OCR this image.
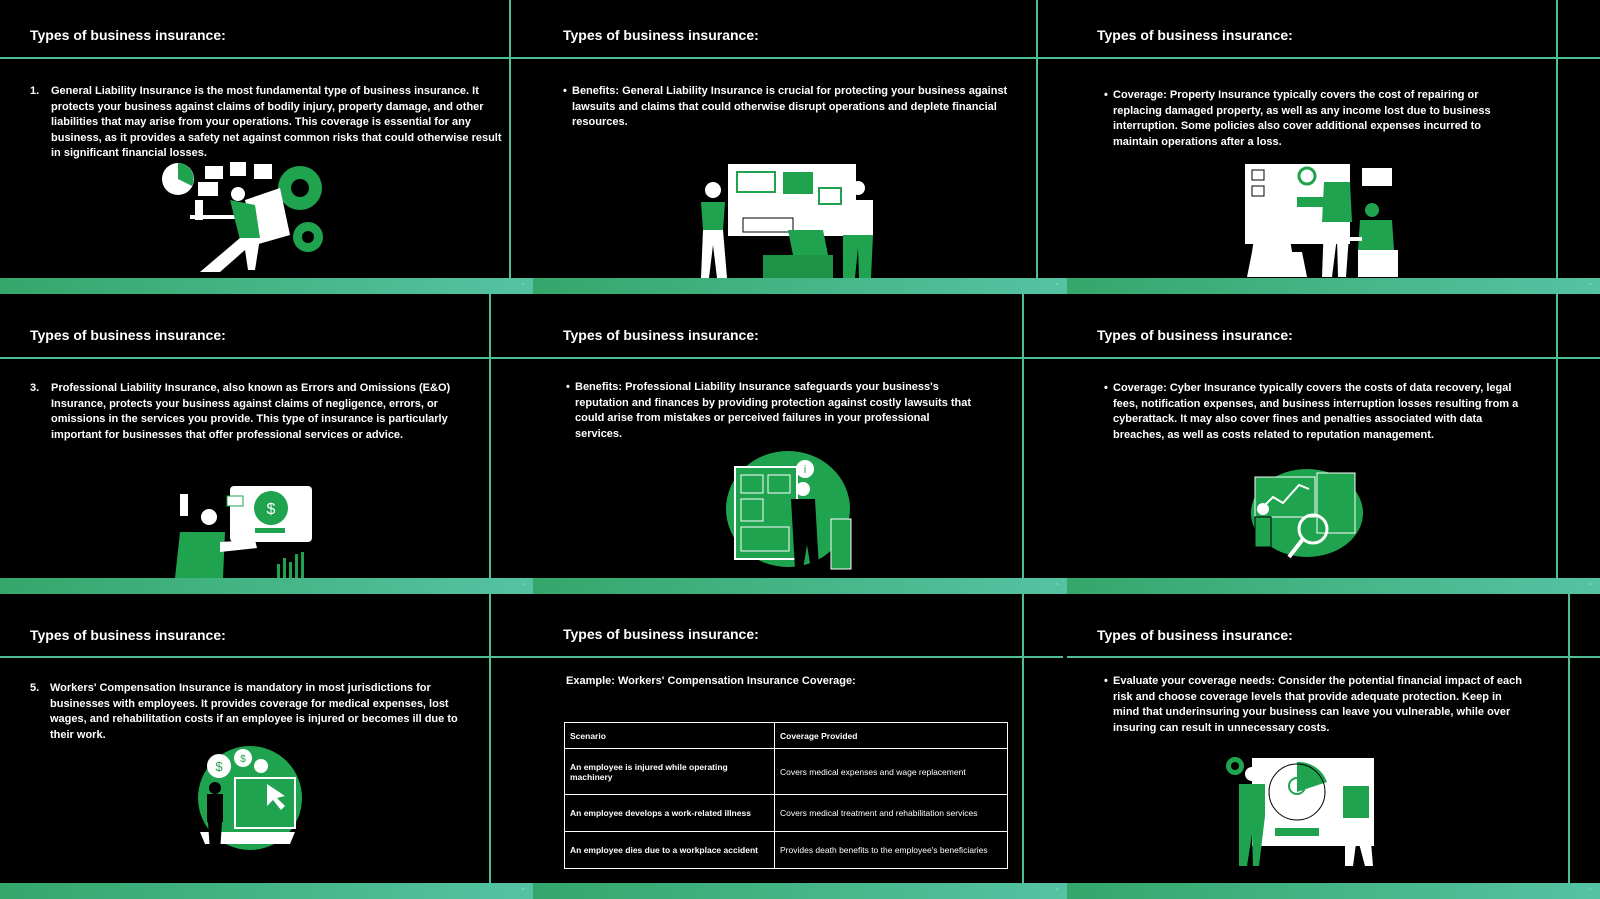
Types of business insurance:
1. General Liability Insurance is the most fundamental type of business insurance. It protects your business against claims of bodily injury, property damage, and other liabilities that may arise from your operations. This coverage is essential for any business, as it provides a safety net against common risks that could otherwise result in significant financial losses.
~
Types of business insurance:
• Benefits: General Liability Insurance is crucial for protecting your business against lawsuits and claims that could otherwise disrupt operations and deplete financial resources.
~
Types of business insurance:
• Coverage: Property Insurance typically covers the cost of repairing or replacing damaged property, as well as any income lost due to business interruption. Some policies also cover additional expenses incurred to maintain operations after a loss.
~
Types of business insurance:
3. Professional Liability Insurance, also known as Errors and Omissions (E&O) Insurance, protects your business against claims of negligence, errors, or omissions in the services you provide. This type of insurance is particularly important for businesses that offer professional services or advice.
$
~
Types of business insurance:
• Benefits: Professional Liability Insurance safeguards your business's reputation and finances by providing protection against costly lawsuits that could arise from mistakes or perceived failures in your professional services.
i
~
Types of business insurance:
• Coverage: Cyber Insurance typically covers the costs of data recovery, legal fees, notification expenses, and business interruption losses resulting from a cyberattack. It may also cover fines and penalties associated with data breaches, as well as costs related to reputation management.
~
Types of business insurance:
5. Workers' Compensation Insurance is mandatory in most jurisdictions for businesses with employees. It provides coverage for medical expenses, lost wages, and rehabilitation costs if an employee is injured or becomes ill due to their work.
$ $
~
Types of business insurance:
Example: Workers' Compensation Insurance Coverage:
Scenario	Coverage Provided
An employee is injured while operating machinery	Covers medical expenses and wage replacement
An employee develops a work-related illness	Covers medical treatment and rehabilitation services
An employee dies due to a workplace accident	Provides death benefits to the employee's beneficiaries
~
Types of business insurance:
• Evaluate your coverage needs: Consider the potential financial impact of each risk and choose coverage levels that provide adequate protection. Keep in mind that underinsuring your business can leave you vulnerable, while over insuring can result in unnecessary costs.
~
